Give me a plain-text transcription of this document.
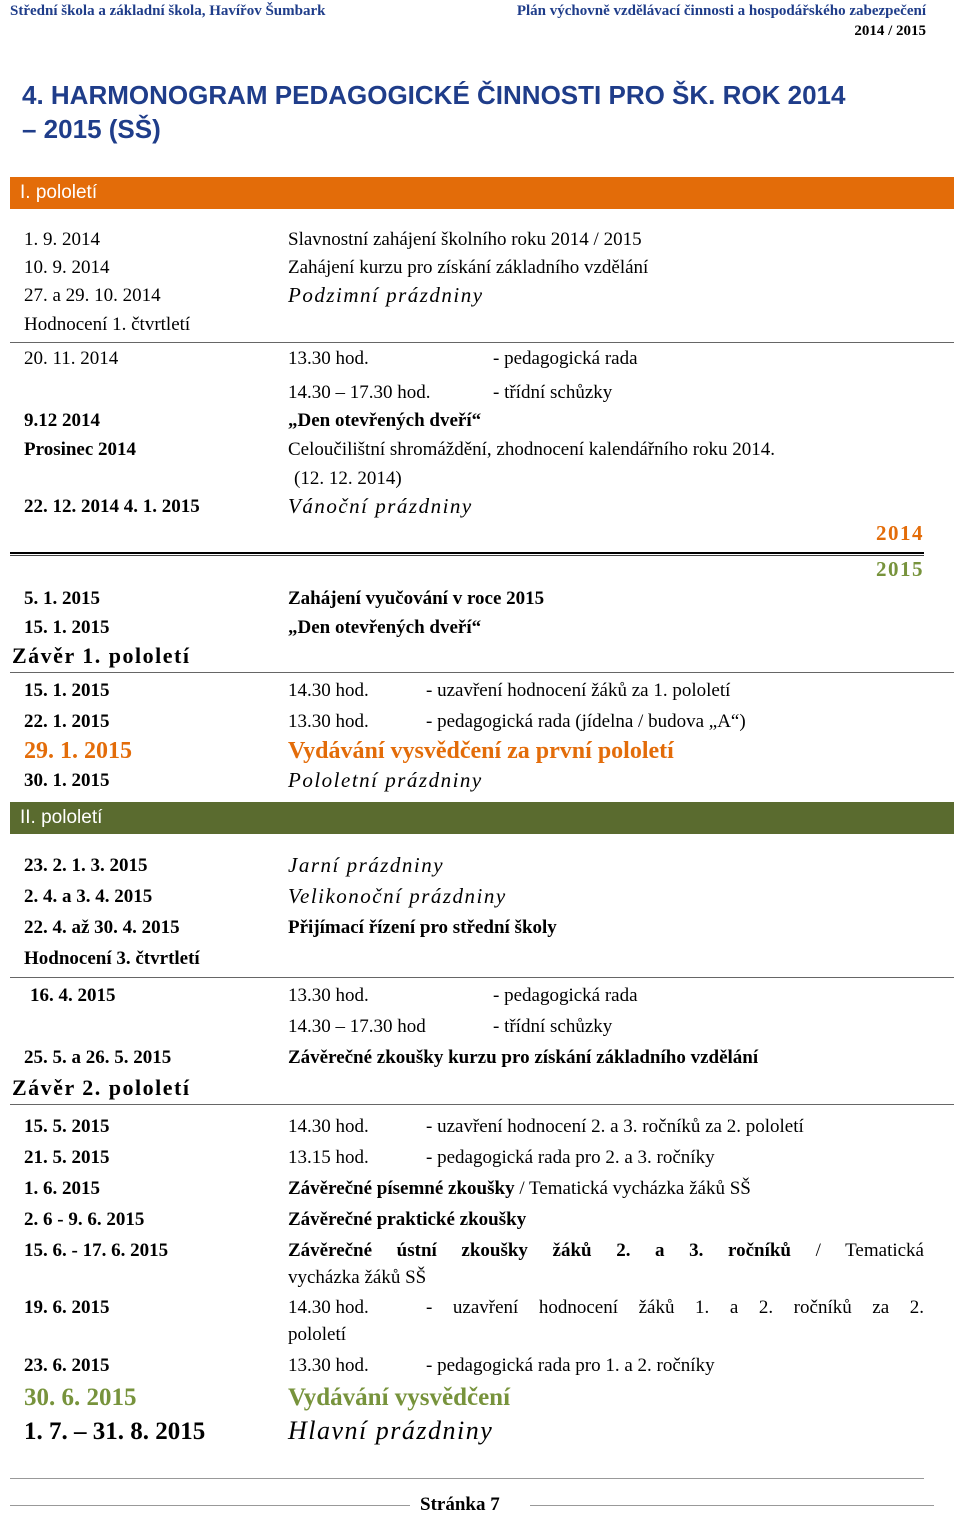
Střední škola a základní škola, Havířov Šumbark	Plán výchovně vzdělávací činnosti a hospodářského zabezpečení
2014 / 2015
4. HARMONOGRAM PEDAGOGICKÉ ČINNOSTI PRO ŠK. ROK 2014
– 2015 (SŠ)
I. pololetí
1. 9. 2014	Slavnostní zahájení školního roku 2014 / 2015
10. 9. 2014	Zahájení kurzu pro získání základního vzdělání
27. a 29. 10. 2014	Podzimní prázdniny
Hodnocení 1. čtvrtletí
20. 11. 2014	13.30 hod.	- pedagogická rada
14.30 – 17.30 hod.	- třídní schůzky
9.12 2014	„Den otevřených dveří“
Prosinec 2014	Celoučilištní shromáždění, zhodnocení kalendářního roku 2014.
(12. 12. 2014)
22. 12. 2014 4. 1. 2015	Vánoční prázdniny
2014
2015
5. 1. 2015	Zahájení vyučování v roce 2015
15. 1. 2015	„Den otevřených dveří“
Závěr 1. pololetí
15. 1. 2015	14.30 hod.	- uzavření hodnocení žáků za 1. pololetí
22. 1. 2015	13.30 hod.	- pedagogická rada (jídelna / budova „A“)
29. 1. 2015	Vydávání vysvědčení za první pololetí
30. 1. 2015	Pololetní prázdniny
II. pololetí
23. 2. 1. 3. 2015	Jarní prázdniny
2. 4. a 3. 4. 2015	Velikonoční prázdniny
22. 4. až 30. 4. 2015	Přijímací řízení pro střední školy
Hodnocení 3. čtvrtletí
16. 4. 2015	13.30 hod.	- pedagogická rada
14.30 – 17.30 hod	- třídní schůzky
25. 5. a 26. 5. 2015	Závěrečné zkoušky kurzu pro získání základního vzdělání
Závěr 2. pololetí
15. 5. 2015	14.30 hod.	- uzavření hodnocení 2. a 3. ročníků za 2. pololetí
21. 5. 2015	13.15 hod.	- pedagogická rada pro 2. a 3. ročníky
1. 6. 2015	Závěrečné písemné zkoušky / Tematická vycházka žáků SŠ
2. 6 - 9. 6. 2015	Závěrečné praktické zkoušky
15. 6. - 17. 6. 2015	Závěrečné ústní zkoušky žáků 2. a 3. ročníků / Tematická
vycházka žáků SŠ
19. 6. 2015	14.30 hod.	- uzavření hodnocení žáků 1. a 2. ročníků za 2.
pololetí
23. 6. 2015	13.30 hod.	- pedagogická rada pro 1. a 2. ročníky
30. 6. 2015	Vydávání vysvědčení
1. 7. – 31. 8. 2015	Hlavní prázdniny
Stránka 7
